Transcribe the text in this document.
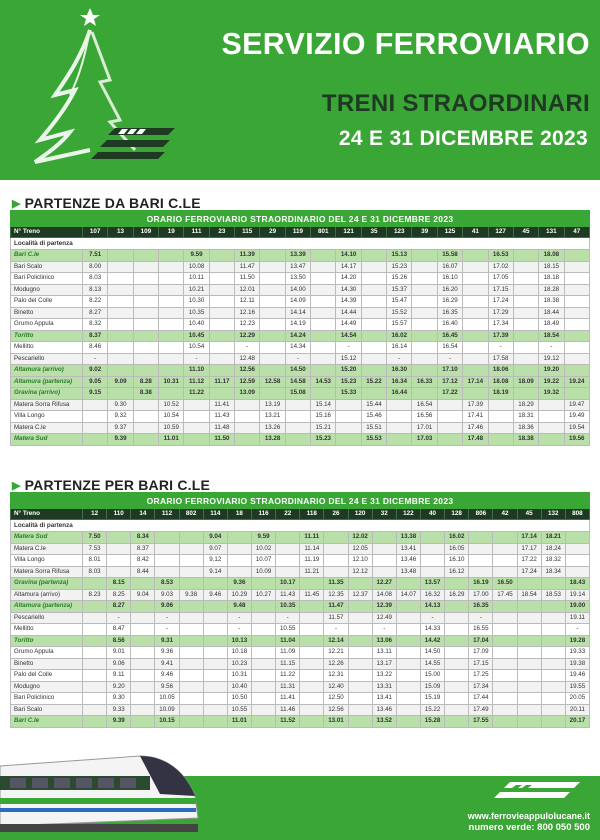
SERVIZIO FERROVIARIO
TRENI STRAORDINARI
24 E 31 DICEMBRE 2023
▶ PARTENZE DA BARI C.LE
ORARIO FERROVIARIO STRAORDINARIO DEL 24 E 31 DICEMBRE 2023																				
N° Treno	107	13	109	19	111	23	115	29	119	801	121	35	123	39	125	41	127	45	131	47
Località di partenza																				
Bari C.le	7.51				9.59		11.39		13.39		14.10		15.13		15.58		16.53		18.08	
Bari Scalo	8.00				10.08		11.47		13.47		14.17		15.23		16.07		17.02		18.15	
Bari Policlinico	8.03				10.11		11.50		13.50		14.20		15.26		16.10		17.05		18.18	
Modugno	8.13				10.21		12.01		14.00		14.30		15.37		16.20		17.15		18.28	
Palo del Colle	8.22				10.30		12.11		14.09		14.39		15.47		16.29		17.24		18.38	
Binetto	8.27				10.35		12.16		14.14		14.44		15.52		16.35		17.29		18.44	
Grumo Appula	8.32				10.40		12.23		14.19		14.49		15.57		16.40		17.34		18.49	
Toritto	8.37				10.45		12.29		14.24		14.54		16.02		16.45		17.39		18.54	
Mellitto	8.46				10.54		-		14.34		-		16.14		16.54		-		-	
Pescariello	-				-		12.48		-		15.12		-		-		17.58		19.12	
Altamura (arrivo)	9.02				11.10		12.56		14.50		15.20		16.30		17.10		18.06		19.20	
Altamura (partenza)	9.05	9.09	8.28	10.31	11.12	11.17	12.59	12.58	14.58	14.53	15.23	15.22	16.34	16.33	17.12	17.14	18.08	18.09	19.22	19.24
Gravina (arrivo)	9.15		8.38		11.22		13.09		15.08		15.33		16.44		17.22		18.19		19.32	
Matera Sorra Rifusa		9.30		10.52		11.41		13.19		15.14		15.44		16.54		17.39		18.29		19.47
Villa Longo		9.32		10.54		11.43		13.21		15.16		15.46		16.56		17.41		18.31		19.49
Matera C.le		9.37		10.59		11.48		13.26		15.21		15.51		17.01		17.46		18.36		19.54
Matera Sud		9.39		11.01		11.50		13.28		15.23		15.53		17.03		17.48		18.38		19.56
▶ PARTENZE PER BARI C.LE
ORARIO FERROVIARIO STRAORDINARIO DEL 24 E 31 DICEMBRE 2023																					
N° Treno	12	110	14	112	802	114	18	116	22	118	26	120	32	122	40	128	806	42	45	132	808
Località di partenza																					
Matera Sud	7.50		8.34			9.04		9.59		11.11		12.02		13.38		16.02			17.14	18.21	
Matera C.le	7.53		8.37			9.07		10.02		11.14		12.05		13.41		16.05			17.17	18.24	
Villa Longo	8.01		8.42			9.12		10.07		11.19		12.10		13.46		16.10			17.22	18.32	
Matera Sorra Rifusa	8.03		8.44			9.14		10.09		11.21		12.12		13.48		16.12			17.24	18.34	
Gravina (partenza)		8.15		8.53			9.36		10.17		11.35		12.27		13.57		16.19	16.50			18.43
Altamura (arrivo)	8.23	8.25	9.04	9.03	9.38	9.46	10.29	10.27	11.43	11.45	12.35	12.37	14.08	14.07	16.32	16.29	17.00	17.45	18.54	18.53	19.14
Altamura (partenza)		8.27		9.06			9.48		10.35		11.47		12.39		14.13		16.35				19.00
Pescariello		-		-			-		-		11.57		12.49		-		-				19.11
Mellitto		8.47		-			-		10.55		-		-		14.33		16.55				-
Toritto		8.56		9.31			10.13		11.04		12.14		13.06		14.42		17.04				19.28
Grumo Appula		9.01		9.36			10.18		11.09		12.21		13.11		14.50		17.09				19.33
Binetto		9.06		9.41			10.23		11.15		12.26		13.17		14.55		17.15				19.38
Palo del Colle		9.11		9.46			10.31		11.22		12.31		13.22		15.00		17.25				19.46
Modugno		9.20		9.56			10.40		11.31		12.40		13.31		15.09		17.34				19.55
Bari Policlinico		9.30		10.05			10.50		11.41		12.50		13.41		15.19		17.44				20.05
Bari Scalo		9.33		10.09			10.55		11.46		12.56		13.46		15.22		17.49				20.11
Bari C.le		9.39		10.15			11.01		11.52		13.01		13.52		15.28		17.55				20.17
www.ferrovieappulolucane.it
numero verde: 800 050 500
